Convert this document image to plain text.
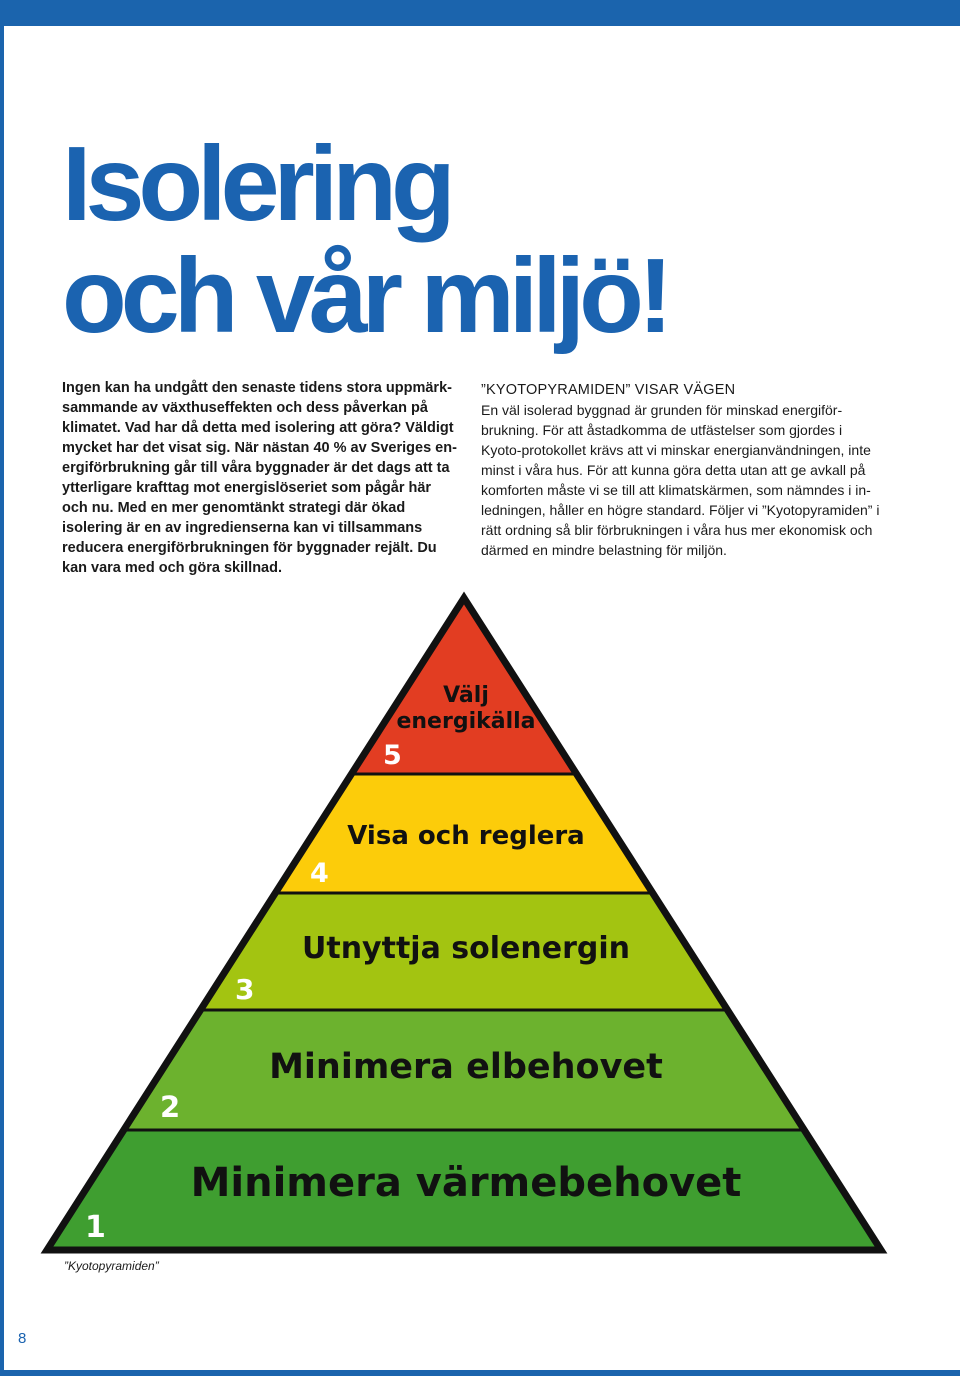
Isolering
och vår miljö!

Ingen kan ha undgått den senaste tidens stora uppmärksammande av växthuseffekten och dess påverkan på klimatet. Vad har då detta med isolering att göra? Väldigt mycket har det visat sig. När nästan 40 % av Sveriges energiförbrukning går till våra byggnader är det dags att ta ytterligare krafttag mot energislöseriet som pågår här och nu. Med en mer genomtänkt strategi där ökad isolering är en av ingredienserna kan vi tillsammans reducera energiförbrukningen för byggnader rejält. Du kan vara med och göra skillnad.

”KYOTOPYRAMIDEN” VISAR VÄGEN

En väl isolerad byggnad är grunden för minskad energiförbrukning. För att åstadkomma de utfästelser som gjordes i Kyoto-protokollet krävs att vi minskar energianvändningen, inte minst i våra hus. För att kunna göra detta utan att ge avkall på komforten måste vi se till att klimatskärmen, som nämndes i inledningen, håller en högre standard. Följer vi ”Kyotopyramiden” i rätt ordning så blir förbrukningen i våra hus mer ekonomisk och därmed en mindre belastning för miljön.

Minimera värmebehovet
Minimera elbehovet
Utnyttja solenergin
Visa och reglera
Välj
energikälla
1
2
3
4
5
”Kyotopyramiden”
8
